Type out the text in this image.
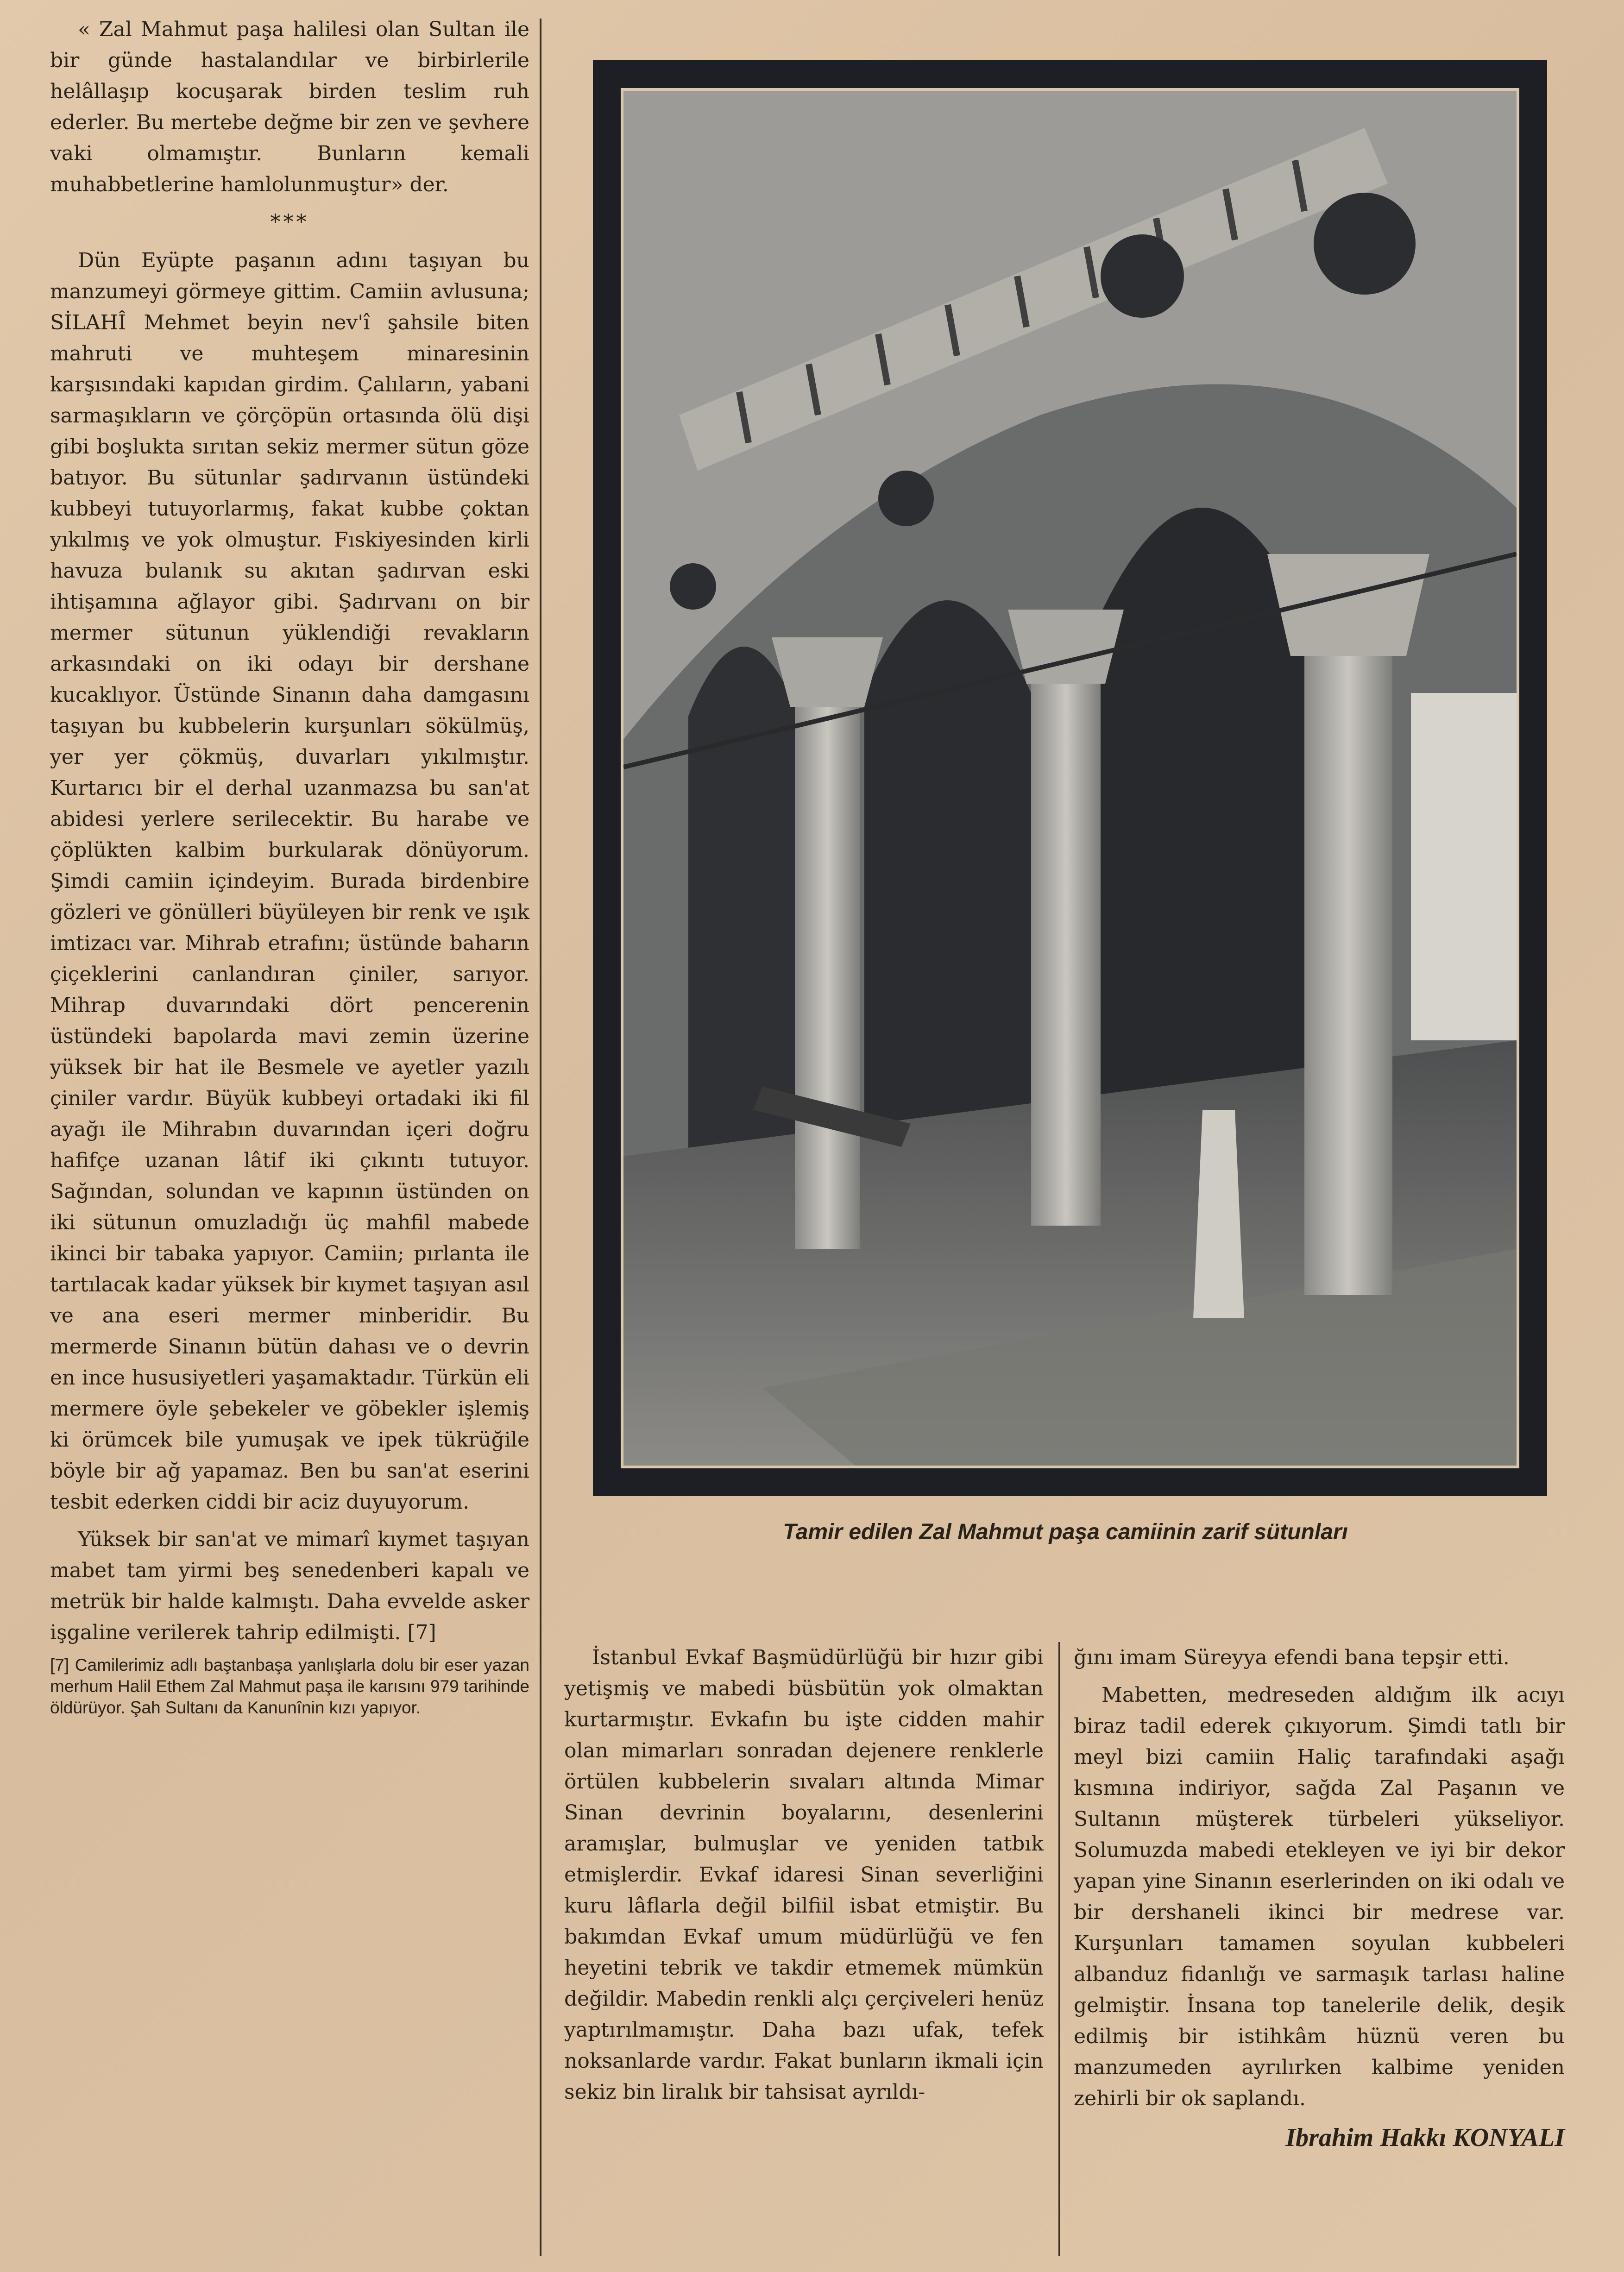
« Zal Mahmut paşa halilesi olan Sultan ile bir günde hastalandılar ve birbirlerile helâllaşıp kocuşarak birden teslim ruh ederler. Bu mertebe değme bir zen ve şevhere vaki olmamıştır. Bunların kemali muhabbetlerine hamlolunmuştur» der.

***

Dün Eyüpte paşanın adını taşıyan bu manzumeyi görmeye gittim. Camiin avlusuna; SİLAHÎ Mehmet beyin nev'î şahsile biten mahruti ve muhteşem minaresinin karşısındaki kapıdan girdim. Çalıların, yabani sarmaşıkların ve çörçöpün ortasında ölü dişi gibi boşlukta sırıtan sekiz mermer sütun göze batıyor. Bu sütunlar şadırvanın üstündeki kubbeyi tutuyorlarmış, fakat kubbe çoktan yıkılmış ve yok olmuştur. Fıskiyesinden kirli havuza bulanık su akıtan şadırvan eski ihtişamına ağlayor gibi. Şadırvanı on bir mermer sütunun yüklendiği revakların arkasındaki on iki odayı bir dershane kucaklıyor. Üstünde Sinanın daha damgasını taşıyan bu kubbelerin kurşunları sökülmüş, yer yer çökmüş, duvarları yıkılmıştır. Kurtarıcı bir el derhal uzanmazsa bu san'at abidesi yerlere serilecektir. Bu harabe ve çöplükten kalbim burkularak dönüyorum. Şimdi camiin içindeyim. Burada birdenbire gözleri ve gönülleri büyüleyen bir renk ve ışık imtizacı var. Mihrab etrafını; üstünde baharın çiçeklerini canlandıran çiniler, sarıyor. Mihrap duvarındaki dört pencerenin üstündeki bapolarda mavi zemin üzerine yüksek bir hat ile Besmele ve ayetler yazılı çiniler vardır. Büyük kubbeyi ortadaki iki fil ayağı ile Mihrabın duvarından içeri doğru hafifçe uzanan lâtif iki çıkıntı tutuyor. Sağından, solundan ve kapının üstünden on iki sütunun omuzladığı üç mahfil mabede ikinci bir tabaka yapıyor. Camiin; pırlanta ile tartılacak kadar yüksek bir kıymet taşıyan asıl ve ana eseri mermer minberidir. Bu mermerde Sinanın bütün dahası ve o devrin en ince hususiyetleri yaşamaktadır. Türkün eli mermere öyle şebekeler ve göbekler işlemiş ki örümcek bile yumuşak ve ipek tükrüğile böyle bir ağ yapamaz. Ben bu san'at eserini tesbit ederken ciddi bir aciz duyuyorum.

Yüksek bir san'at ve mimarî kıymet taşıyan mabet tam yirmi beş senedenberi kapalı ve metrük bir halde kalmıştı. Daha evvelde asker işgaline verilerek tahrip edilmişti. [7]

[7] Camilerimiz adlı baştanbaşa yanlışlarla dolu bir eser yazan merhum Halil Ethem Zal Mahmut paşa ile karısını 979 tarihinde öldürüyor. Şah Sultanı da Kanunînin kızı yapıyor.
Tamir edilen Zal Mahmut paşa camiinin zarif sütunları

İstanbul Evkaf Başmüdürlüğü bir hızır gibi yetişmiş ve mabedi büsbütün yok olmaktan kurtarmıştır. Evkafın bu işte cidden mahir olan mimarları sonradan dejenere renklerle örtülen kubbelerin sıvaları altında Mimar Sinan devrinin boyalarını, desenlerini aramışlar, bulmuşlar ve yeniden tatbık etmişlerdir. Evkaf idaresi Sinan severliğini kuru lâflarla değil bilfiil isbat etmiştir. Bu bakımdan Evkaf umum müdürlüğü ve fen heyetini tebrik ve takdir etmemek mümkün değildir. Mabedin renkli alçı çerçiveleri henüz yaptırılmamıştır. Daha bazı ufak, tefek noksanlarde vardır. Fakat bunların ikmali için sekiz bin liralık bir tahsisat ayrıldı-

ğını imam Süreyya efendi bana tepşir etti.

Mabetten, medreseden aldığım ilk acıyı biraz tadil ederek çıkıyorum. Şimdi tatlı bir meyl bizi camiin Haliç tarafındaki aşağı kısmına indiriyor, sağda Zal Paşanın ve Sultanın müşterek türbeleri yükseliyor. Solumuzda mabedi etekleyen ve iyi bir dekor yapan yine Sinanın eserlerinden on iki odalı ve bir dershaneli ikinci bir medrese var. Kurşunları tamamen soyulan kubbeleri albanduz fidanlığı ve sarmaşık tarlası haline gelmiştir. İnsana top tanelerile delik, deşik edilmiş bir istihkâm hüznü veren bu manzumeden ayrılırken kalbime yeniden zehirli bir ok saplandı.

Ibrahim Hakkı KONYALI
